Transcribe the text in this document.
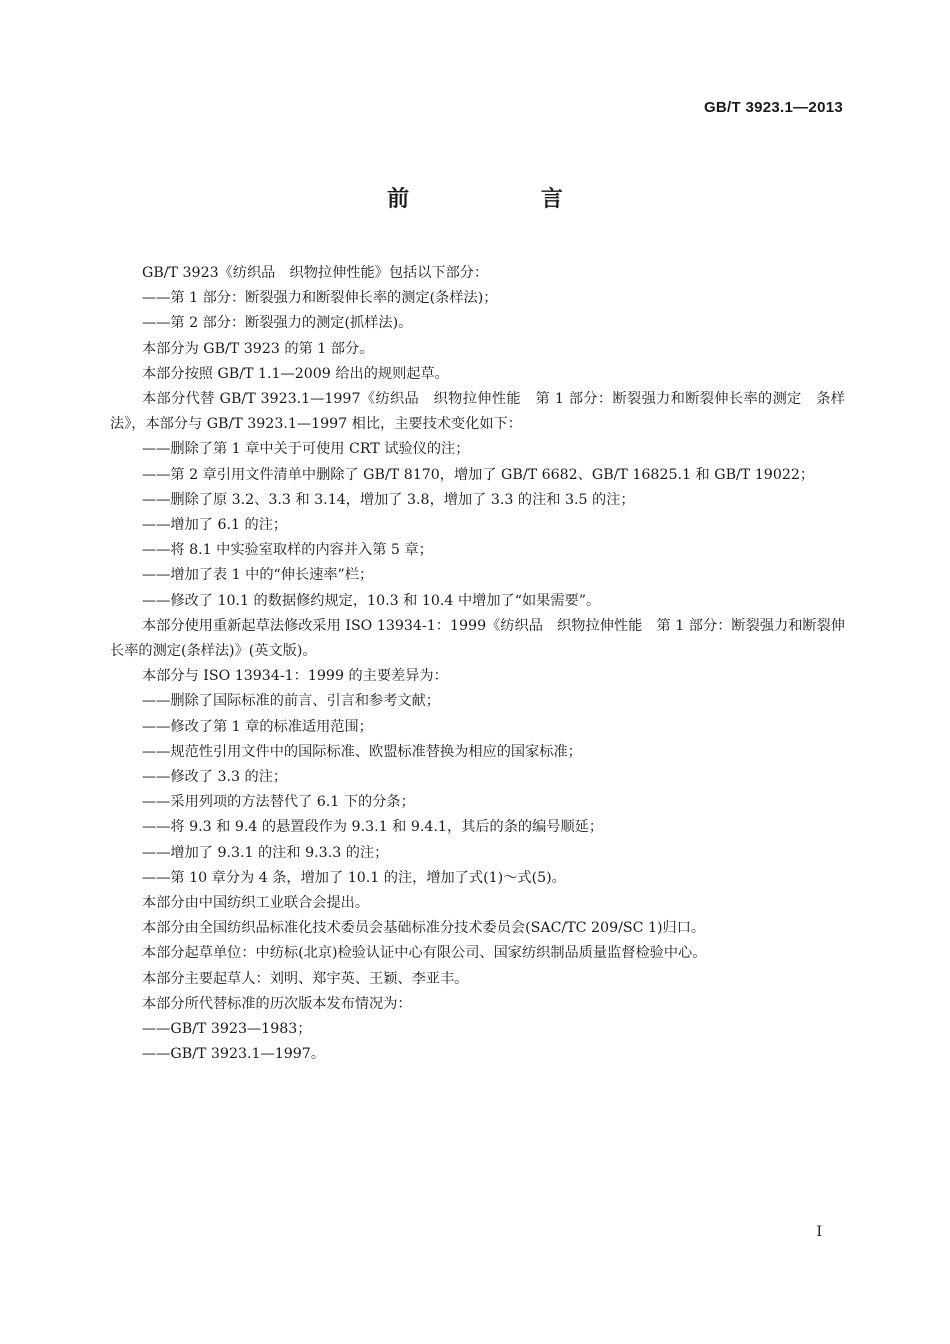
GB/T 3923.1—2013
前 言

GB/T 3923《纺织品　织物拉伸性能》包括以下部分：

——第 1 部分：断裂强力和断裂伸长率的测定(条样法)；

——第 2 部分：断裂强力的测定(抓样法)。

本部分为 GB/T 3923 的第 1 部分。

本部分按照 GB/T 1.1—2009 给出的规则起草。

本部分代替 GB/T 3923.1—1997《纺织品　织物拉伸性能　第 1 部分：断裂强力和断裂伸长率的测定　条样法》，本部分与 GB/T 3923.1—1997 相比，主要技术变化如下：

——删除了第 1 章中关于可使用 CRT 试验仪的注；

——第 2 章引用文件清单中删除了 GB/T 8170，增加了 GB/T 6682、GB/T 16825.1 和 GB/T 19022；

——删除了原 3.2、3.3 和 3.14，增加了 3.8，增加了 3.3 的注和 3.5 的注；

——增加了 6.1 的注；

——将 8.1 中实验室取样的内容并入第 5 章；

——增加了表 1 中的“伸长速率”栏；

——修改了 10.1 的数据修约规定，10.3 和 10.4 中增加了“如果需要”。

本部分使用重新起草法修改采用 ISO 13934-1：1999《纺织品　织物拉伸性能　第 1 部分：断裂强力和断裂伸长率的测定(条样法)》(英文版)。

本部分与 ISO 13934-1：1999 的主要差异为：

——删除了国际标准的前言、引言和参考文献；

——修改了第 1 章的标准适用范围；

——规范性引用文件中的国际标准、欧盟标准替换为相应的国家标准；

——修改了 3.3 的注；

——采用列项的方法替代了 6.1 下的分条；

——将 9.3 和 9.4 的悬置段作为 9.3.1 和 9.4.1，其后的条的编号顺延；

——增加了 9.3.1 的注和 9.3.3 的注；

——第 10 章分为 4 条，增加了 10.1 的注，增加了式(1)～式(5)。

本部分由中国纺织工业联合会提出。

本部分由全国纺织品标准化技术委员会基础标准分技术委员会(SAC/TC 209/SC 1)归口。

本部分起草单位：中纺标(北京)检验认证中心有限公司、国家纺织制品质量监督检验中心。

本部分主要起草人：刘明、郑宇英、王颖、李亚丰。

本部分所代替标准的历次版本发布情况为：

——GB/T 3923—1983；

——GB/T 3923.1—1997。

I
